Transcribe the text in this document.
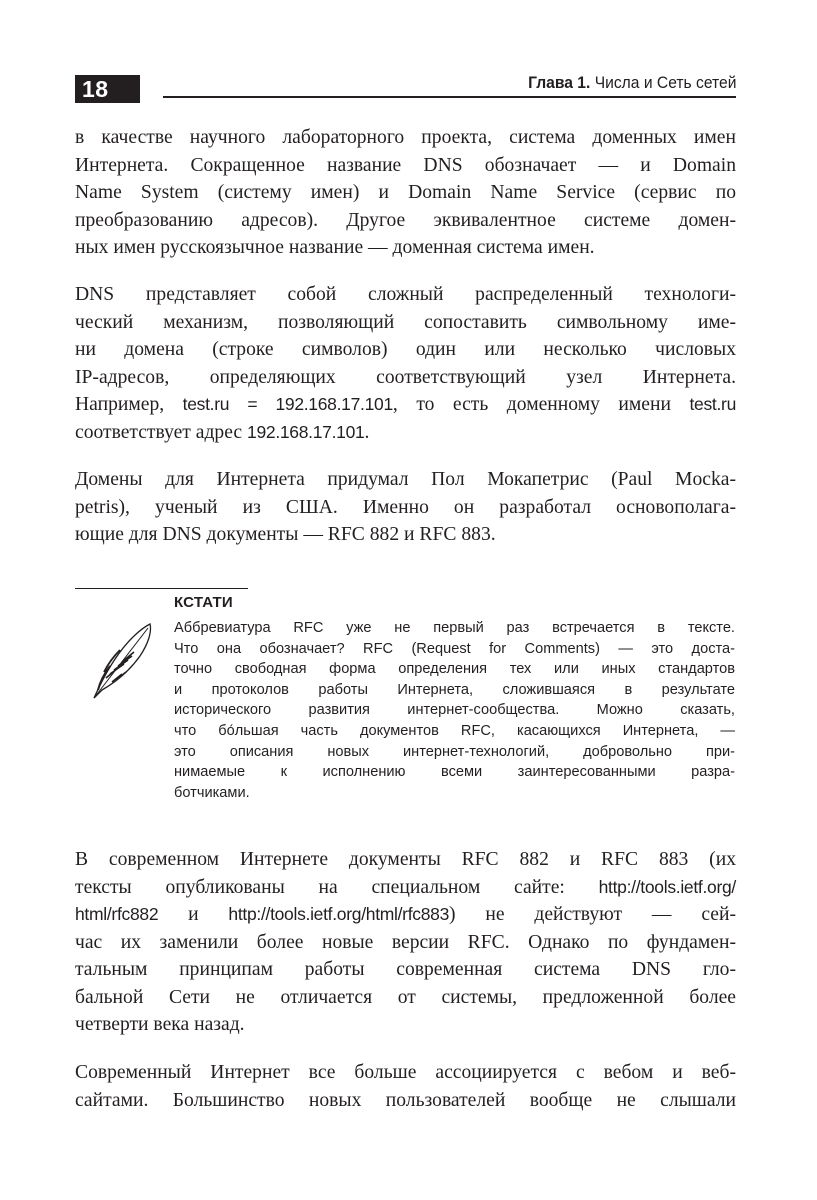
18	Глава 1. Числа и Сеть сетей
в качестве научного лабораторного проекта, система доменных имен
Интернета. Сокращенное название DNS обозначает — и Domain
Name System (систему имен) и Domain Name Service (сервис по
преобразованию адресов). Другое эквивалентное системе домен-
ных имен русскоязычное название — доменная система имен.
DNS представляет собой сложный распределенный технологи-
ческий механизм, позволяющий сопоставить символьному име-
ни домена (строке символов) один или несколько числовых
IP-адресов, определяющих соответствующий узел Интернета.
Например, test.ru = 192.168.17.101, то есть доменному имени test.ru
соответствует адрес 192.168.17.101.
Домены для Интернета придумал Пол Мокапетрис (Paul Mocka-
petris), ученый из США. Именно он разработал основополага-
ющие для DNS документы — RFC 882 и RFC 883.
КСТАТИ
Аббревиатура RFC уже не первый раз встречается в тексте.
Что она обозначает? RFC (Request for Comments) — это доста-
точно свободная форма определения тех или иных стандартов
и протоколов работы Интернета, сложившаяся в результате
исторического развития интернет-сообщества. Можно сказать,
что бо́льшая часть документов RFC, касающихся Интернета, —
это описания новых интернет-технологий, добровольно при-
нимаемые к исполнению всеми заинтересованными разра-
ботчиками.
В современном Интернете документы RFC 882 и RFC 883 (их
тексты опубликованы на специальном сайте: http://tools.ietf.org/
html/rfc882 и http://tools.ietf.org/html/rfc883) не действуют — сей-
час их заменили более новые версии RFC. Однако по фундамен-
тальным принципам работы современная система DNS гло-
бальной Сети не отличается от системы, предложенной более
четверти века назад.
Современный Интернет все больше ассоциируется с вебом и веб-
сайтами. Большинство новых пользователей вообще не слышали
